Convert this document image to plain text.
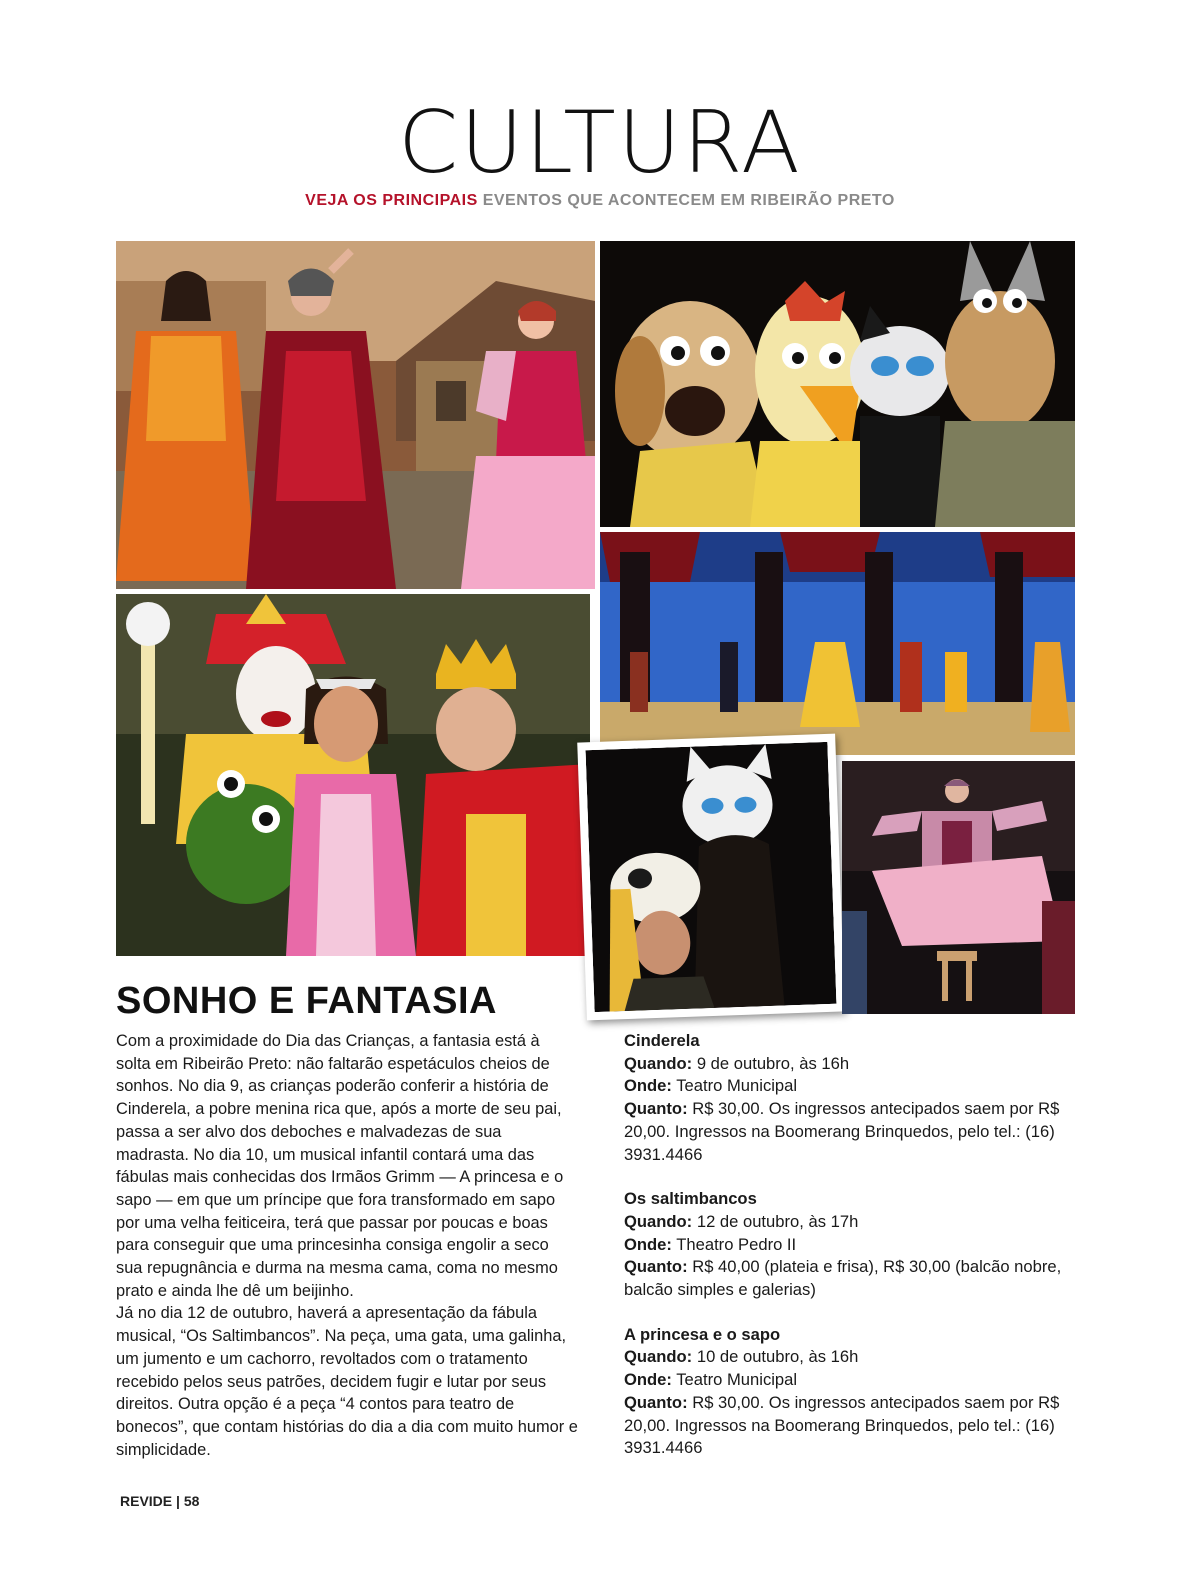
CULTURA
VEJA OS PRINCIPAIS EVENTOS QUE ACONTECEM EM RIBEIRÃO PRETO
SONHO E FANTASIA

Com a proximidade do Dia das Crianças, a fantasia está à solta em Ribeirão Preto: não faltarão espetáculos cheios de sonhos. No dia 9, as crianças poderão conferir a história de Cinderela, a pobre menina rica que, após a morte de seu pai, passa a ser alvo dos deboches e malvadezas de sua madrasta. No dia 10, um musical infantil contará uma das fábulas mais conhecidas dos Irmãos Grimm — A princesa e o sapo — em que um príncipe que fora transformado em sapo por uma velha feiticeira, terá que passar por poucas e boas para conseguir que uma princesinha consiga engolir a seco sua repugnância e durma na mesma cama, coma no mesmo prato e ainda lhe dê um beijinho.

Já no dia 12 de outubro, haverá a apresentação da fábula musical, “Os Saltimbancos”. Na peça, uma gata, uma galinha, um jumento e um cachorro, revoltados com o tratamento recebido pelos seus patrões, decidem fugir e lutar por seus direitos. Outra opção é a peça “4 contos para teatro de bonecos”, que contam histórias do dia a dia com muito humor e simplicidade.

Cinderela
Quando: 9 de outubro, às 16h
Onde: Teatro Municipal
Quanto: R$ 30,00. Os ingressos antecipados saem por R$ 20,00. Ingressos na Boomerang Brinquedos, pelo tel.: (16) 3931.4466
Os saltimbancos
Quando: 12 de outubro, às 17h
Onde: Theatro Pedro II
Quanto: R$ 40,00 (plateia e frisa), R$ 30,00 (balcão nobre, balcão simples e galerias)
A princesa e o sapo
Quando: 10 de outubro, às 16h
Onde: Teatro Municipal
Quanto: R$ 30,00. Os ingressos antecipados saem por R$ 20,00. Ingressos na Boomerang Brinquedos, pelo tel.: (16) 3931.4466
REVIDE | 58
